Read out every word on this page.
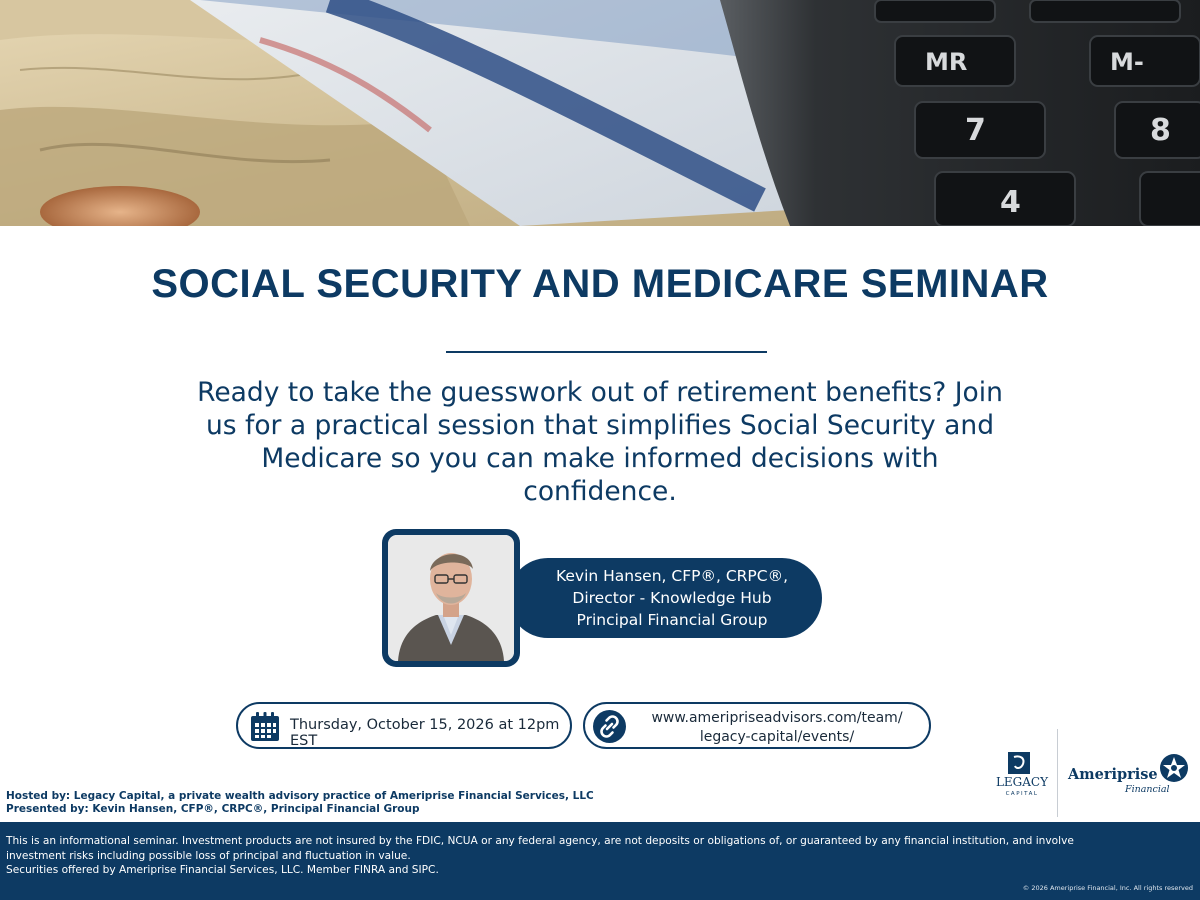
MR	M-
7	8
4
SOCIAL SECURITY AND MEDICARE SEMINAR

Ready to take the guesswork out of retirement benefits? Join us for a practical session that simplifies Social Security and Medicare so you can make informed decisions with confidence.

Kevin Hansen, CFP®, CRPC®,
Director - Knowledge Hub
Principal Financial Group
Thursday, October 15, 2026 at 12pm EST
www.ameripriseadvisors.com/team/
legacy-capital/events/
LEGACY
CAPITAL
Ameriprise
Financial
Hosted by: Legacy Capital, a private wealth advisory practice of Ameriprise Financial Services, LLC
Presented by: Kevin Hansen, CFP®, CRPC®, Principal Financial Group
This is an informational seminar. Investment products are not insured by the FDIC, NCUA or any federal agency, are not deposits or obligations of, or guaranteed by any financial institution, and involve investment risks including possible loss of principal and fluctuation in value.
Securities offered by Ameriprise Financial Services, LLC. Member FINRA and SIPC.
© 2026 Ameriprise Financial, Inc. All rights reserved
